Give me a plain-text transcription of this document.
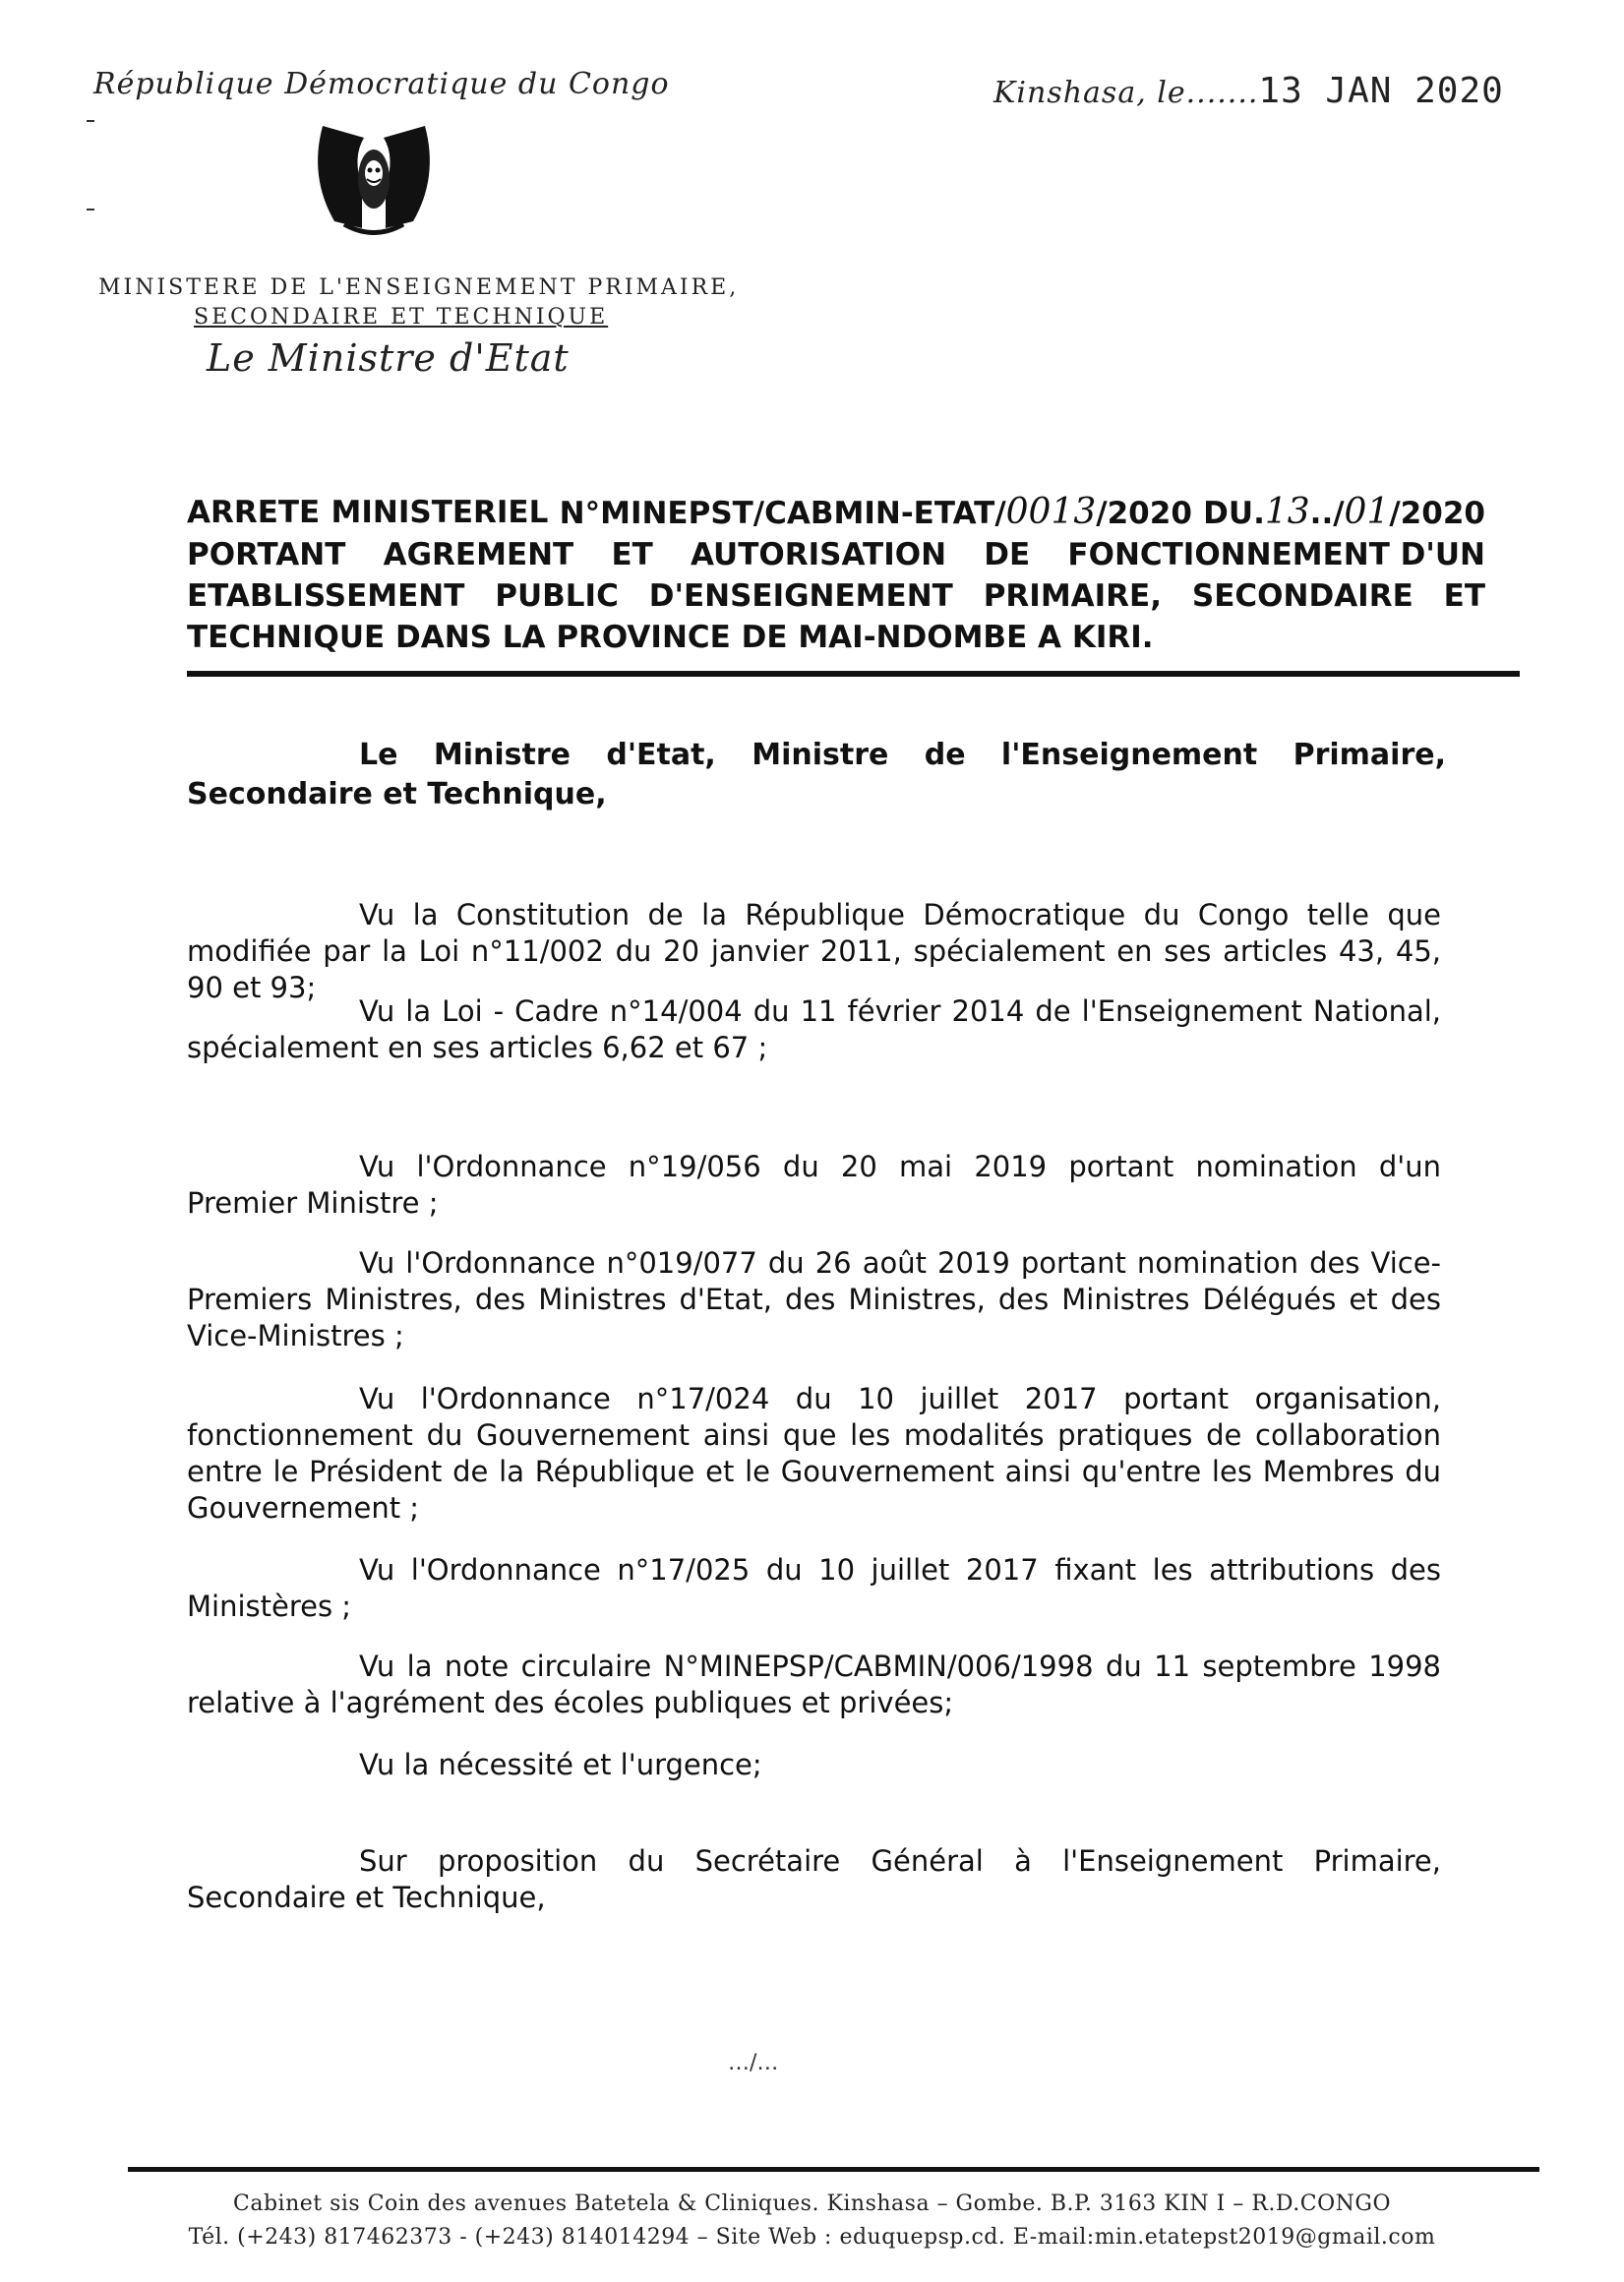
République Démocratique du Congo	Kinshasa, le.......13 JAN 2020
MINISTERE DE L'ENSEIGNEMENT PRIMAIRE,
SECONDAIRE ET TECHNIQUE
Le Ministre d'Etat
ARRETE MINISTERIEL N°MINEPST/CABMIN-ETAT/0013/2020 DU.13../01/2020
PORTANT AGREMENT ET AUTORISATION DE FONCTIONNEMENT D'UN
ETABLISSEMENT PUBLIC D'ENSEIGNEMENT PRIMAIRE, SECONDAIRE ET
TECHNIQUE DANS LA PROVINCE DE MAI-NDOMBE A KIRI.
Le Ministre d'Etat, Ministre de l'Enseignement Primaire, Secondaire et Technique,
Vu la Constitution de la République Démocratique du Congo telle que modifiée par la Loi n°11/002 du 20 janvier 2011, spécialement en ses articles 43, 45, 90 et 93;
Vu la Loi - Cadre n°14/004 du 11 février 2014 de l'Enseignement National, spécialement en ses articles 6,62 et 67 ;
Vu l'Ordonnance n°19/056 du 20 mai 2019 portant nomination d'un Premier Ministre ;
Vu l'Ordonnance n°019/077 du 26 août 2019 portant nomination des Vice-Premiers Ministres, des Ministres d'Etat, des Ministres, des Ministres Délégués et des Vice-Ministres ;
Vu l'Ordonnance n°17/024 du 10 juillet 2017 portant organisation, fonctionnement du Gouvernement ainsi que les modalités pratiques de collaboration entre le Président de la République et le Gouvernement ainsi qu'entre les Membres du Gouvernement ;
Vu l'Ordonnance n°17/025 du 10 juillet 2017 fixant les attributions des Ministères ;
Vu la note circulaire N°MINEPSP/CABMIN/006/1998 du 11 septembre 1998 relative à l'agrément des écoles publiques et privées;
Vu la nécessité et l'urgence;
Sur proposition du Secrétaire Général à l'Enseignement Primaire, Secondaire et Technique,
…/…
Cabinet sis Coin des avenues Batetela & Cliniques. Kinshasa – Gombe. B.P. 3163 KIN I – R.D.CONGO
Tél. (+243) 817462373 - (+243) 814014294 – Site Web : eduquepsp.cd. E-mail:min.etatepst2019@gmail.com
